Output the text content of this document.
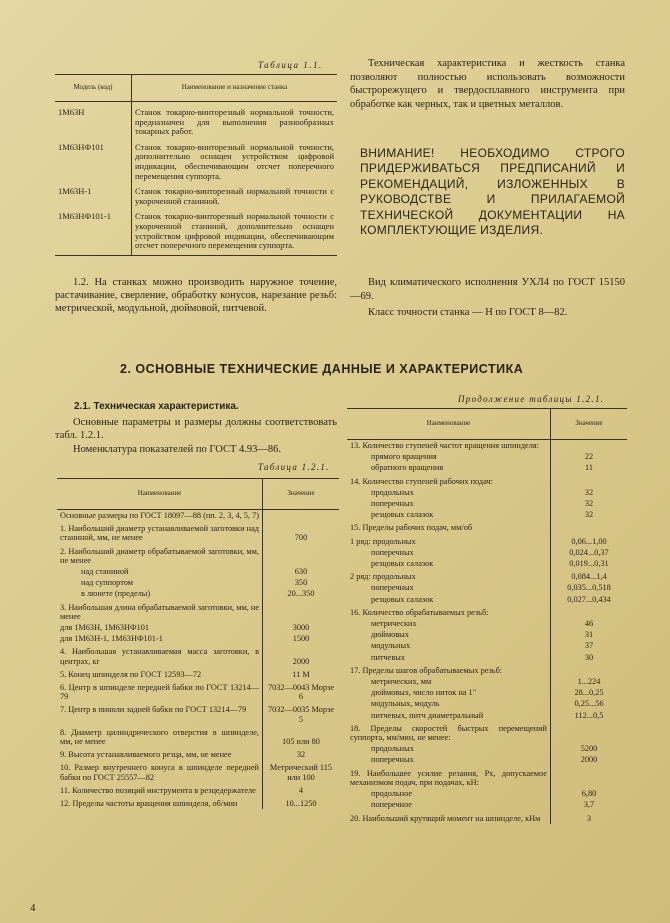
Таблица 1.1.
Модель (код)	Наименование и назначение станка
1М63Н	Станок токарно-винторезный нормальной точности, предназначен для выполнения разнообразных токарных работ.
1М63НФ101	Станок токарно-винторезный нормальной точности, дополнительно оснащен устройством цифровой индикации, обеспечивающим отсчет поперечного перемещения суппорта.
1М63Н-1	Станок токарно-винторезный нормальной точности с укороченной станиной.
1М63НФ101-1	Станок токарно-винторезный нормальной точности с укороченной станиной, дополнительно оснащен устройством цифровой индикации, обеспечивающим отсчет поперечного перемещения суппорта.
1.2. На станках можно производить наружное точение, растачивание, сверление, обработку конусов, нарезание резьб: метрической, модульной, дюймовой, питчевой.
Техническая характеристика и жесткость станка позволяют полностью использовать возможности быстрорежущего и твердосплавного инструмента при обработке как черных, так и цветных металлов.
ВНИМАНИЕ! НЕОБХОДИМО СТРОГО ПРИДЕРЖИВАТЬСЯ ПРЕДПИСАНИЙ И РЕКОМЕНДАЦИЙ, ИЗЛОЖЕННЫХ В РУКОВОДСТВЕ И ПРИЛАГАЕМОЙ ТЕХНИЧЕСКОЙ ДОКУМЕНТАЦИИ НА КОМПЛЕКТУЮЩИЕ ИЗДЕЛИЯ.
Вид климатического исполнения УХЛ4 по ГОСТ 15150—69.
Класс точности станка — Н по ГОСТ 8—82.
2. ОСНОВНЫЕ ТЕХНИЧЕСКИЕ ДАННЫЕ И ХАРАКТЕРИСТИКА
2.1. Техническая характеристика.
Основные параметры и размеры должны соответствовать табл. 1.2.1.
Номенклатура показателей по ГОСТ 4.93—86.
Таблица 1.2.1.
Наименование	Значение
Основные размеры по ГОСТ 18097—88 (пп. 2, 3, 4, 5, 7)	
1. Наибольший диаметр устанавливаемой заготовки над станиной, мм, не менее	700
2. Наибольший диаметр обрабатываемой заготовки, мм, не менее	
над станиной	630
над суппортом	350
в люнете (пределы)	20...350
3. Наибольшая длина обрабатываемой заготовки, мм, не менее	
для 1М63Н, 1М63НФ101	3000
для 1М63Н-1, 1М63НФ101-1	1500
4. Наибольшая устанавливаемая масса заготовки, в центрах, кг	2000
5. Конец шпинделя по ГОСТ 12593—72	11 М
6. Центр в шпинделе передней бабки по ГОСТ 13214—79	7032—0043 Морзе 6
7. Центр в пиноли задней бабки по ГОСТ 13214—79	7032—0035 Морзе 5
8. Диаметр цилиндрического отверстия в шпинделе, мм, не менее	105 или 80
9. Высота устанавливаемого резца, мм, не менее	32
10. Размер внутреннего конуса в шпинделе передней бабки по ГОСТ 25557—82	Метрический 115 или 100
11. Количество позиций инструмента в резцедержателе	4
12. Пределы частоты вращения шпинделя, об/мин	10...1250
Продолжение таблицы 1.2.1.
Наименование	Значение
13. Количество ступеней частот вращения шпинделя:	
прямого вращения	22
обратного вращения	11
14. Количество ступеней рабочих подач:	
продольных	32
поперечных	32
резцовых салазок	32
15. Пределы рабочих подач, мм/об	
1 ряд: продольных	0,06...1,00
поперечных	0,024...0,37
резцовых салазок	0,019...0,31
2 ряд: продольных	0,084...1,4
поперечных	0,035...0,518
резцовых салазок	0,027...0,434
16. Количество обрабатываемых резьб:	
метрических	46
дюймовых	31
модульных	37
питчевых	30
17. Пределы шагов обрабатываемых резьб:	
метрических, мм	1...224
дюймовых, число ниток на 1"	28...0,25
модульных, модуль	0,25...56
питчевых, питч диаметральный	112...0,5
18. Пределы скоростей быстрых перемещений суппорта, мм/мин, не менее:	
продольных	5200
поперечных	2000
19. Наибольшее усилие резания, Px, допускаемое механизмом подач, при подачах, кН:	
продольное	6,80
поперечное	3,7
20. Наибольший крутящий момент на шпинделе, кНм	3
4
